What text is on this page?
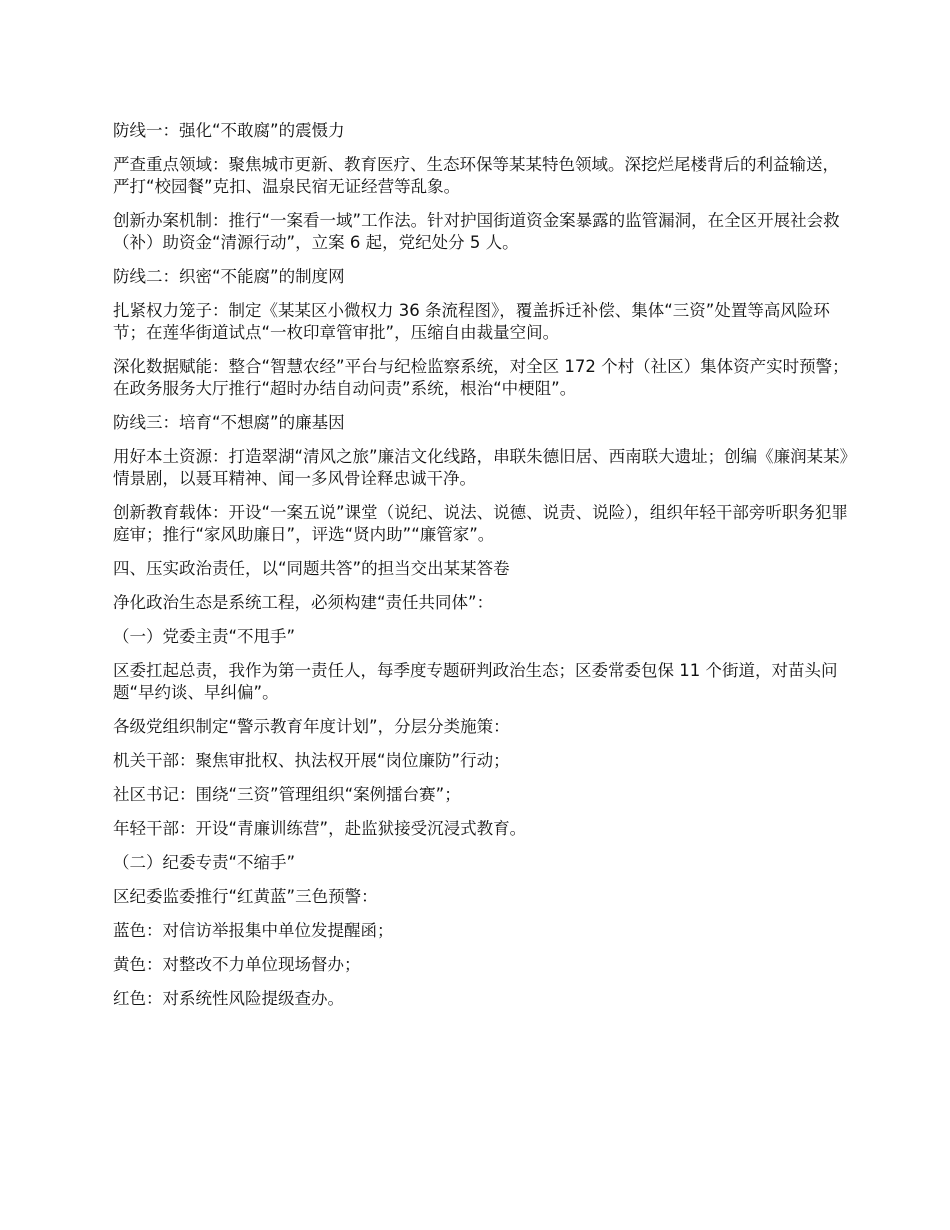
防线一：强化“不敢腐”的震慑力

严查重点领域：聚焦城市更新、教育医疗、生态环保等某某特色领域。深挖烂尾楼背后的利益输送，严打“校园餐”克扣、温泉民宿无证经营等乱象。

创新办案机制：推行“一案看一域”工作法。针对护国街道资金案暴露的监管漏洞，在全区开展社会救（补）助资金“清源行动”，立案 6 起，党纪处分 5 人。

防线二：织密“不能腐”的制度网

扎紧权力笼子：制定《某某区小微权力 36 条流程图》，覆盖拆迁补偿、集体“三资”处置等高风险环节；在莲华街道试点“一枚印章管审批”，压缩自由裁量空间。

深化数据赋能：整合“智慧农经”平台与纪检监察系统，对全区 172 个村（社区）集体资产实时预警；在政务服务大厅推行“超时办结自动问责”系统，根治“中梗阻”。

防线三：培育“不想腐”的廉基因

用好本土资源：打造翠湖“清风之旅”廉洁文化线路，串联朱德旧居、西南联大遗址；创编《廉润某某》情景剧，以聂耳精神、闻一多风骨诠释忠诚干净。

创新教育载体：开设“一案五说”课堂（说纪、说法、说德、说责、说险），组织年轻干部旁听职务犯罪庭审；推行“家风助廉日”，评选“贤内助”“廉管家”。

四、压实政治责任，以“同题共答”的担当交出某某答卷

净化政治生态是系统工程，必须构建“责任共同体”：

（一）党委主责“不甩手”

区委扛起总责，我作为第一责任人，每季度专题研判政治生态；区委常委包保 11 个街道，对苗头问题“早约谈、早纠偏”。

各级党组织制定“警示教育年度计划”，分层分类施策：

机关干部：聚焦审批权、执法权开展“岗位廉防”行动；

社区书记：围绕“三资”管理组织“案例擂台赛”；

年轻干部：开设“青廉训练营”，赴监狱接受沉浸式教育。

（二）纪委专责“不缩手”

区纪委监委推行“红黄蓝”三色预警：

蓝色：对信访举报集中单位发提醒函；

黄色：对整改不力单位现场督办；

红色：对系统性风险提级查办。
